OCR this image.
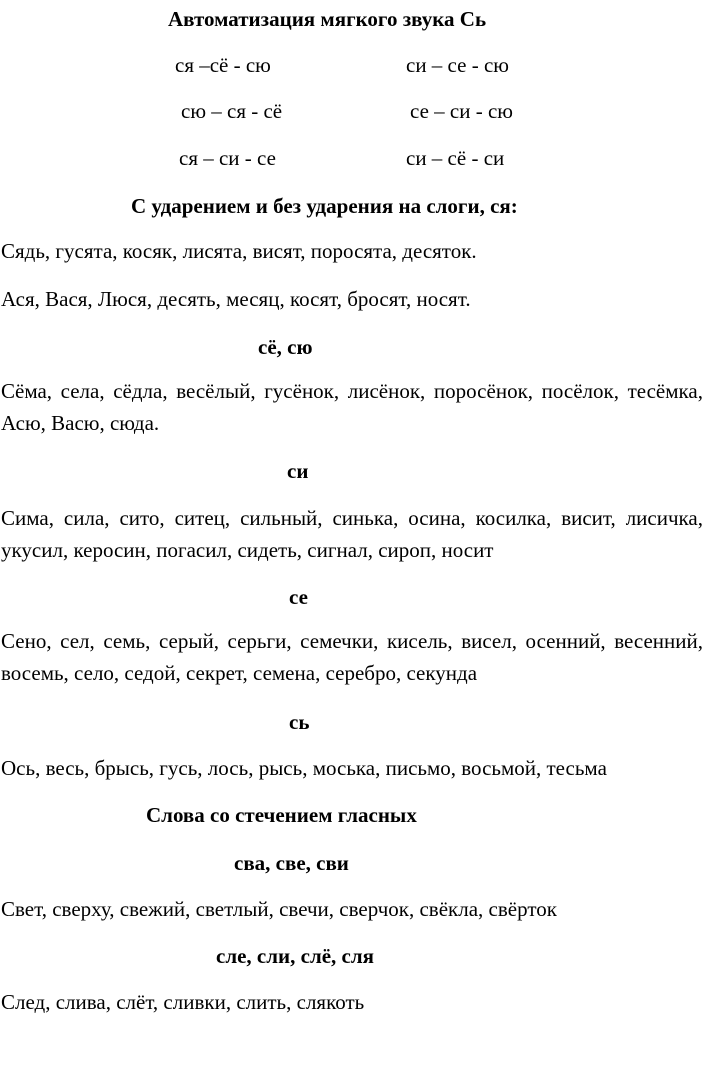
Автоматизация мягкого звука Сь
ся –сё - сю	си – се - сю
сю – ся - сё	се – си - сю
ся – си - се	си – сё - си
С ударением и без ударения на слоги, ся:
Сядь, гусята, косяк, лисята, висят, поросята, десяток.
Ася, Вася, Люся, десять, месяц, косят, бросят, носят.
сё, сю
Сёма, села, сёдла, весёлый, гусёнок, лисёнок, поросёнок, посёлок, тесёмка, Асю, Васю, сюда.
си
Сима, сила, сито, ситец, сильный, синька, осина, косилка, висит, лисичка, укусил, керосин, погасил, сидеть, сигнал, сироп, носит
се
Сено, сел, семь, серый, серьги, семечки, кисель, висел, осенний, весенний, восемь, село, седой, секрет, семена, серебро, секунда
сь
Ось, весь, брысь, гусь, лось, рысь, моська, письмо, восьмой, тесьма
Слова со стечением гласных
сва, све, сви
Свет, сверху, свежий, светлый, свечи, сверчок, свёкла, свёрток
сле, сли, слё, сля
След, слива, слёт, сливки, слить, слякоть
